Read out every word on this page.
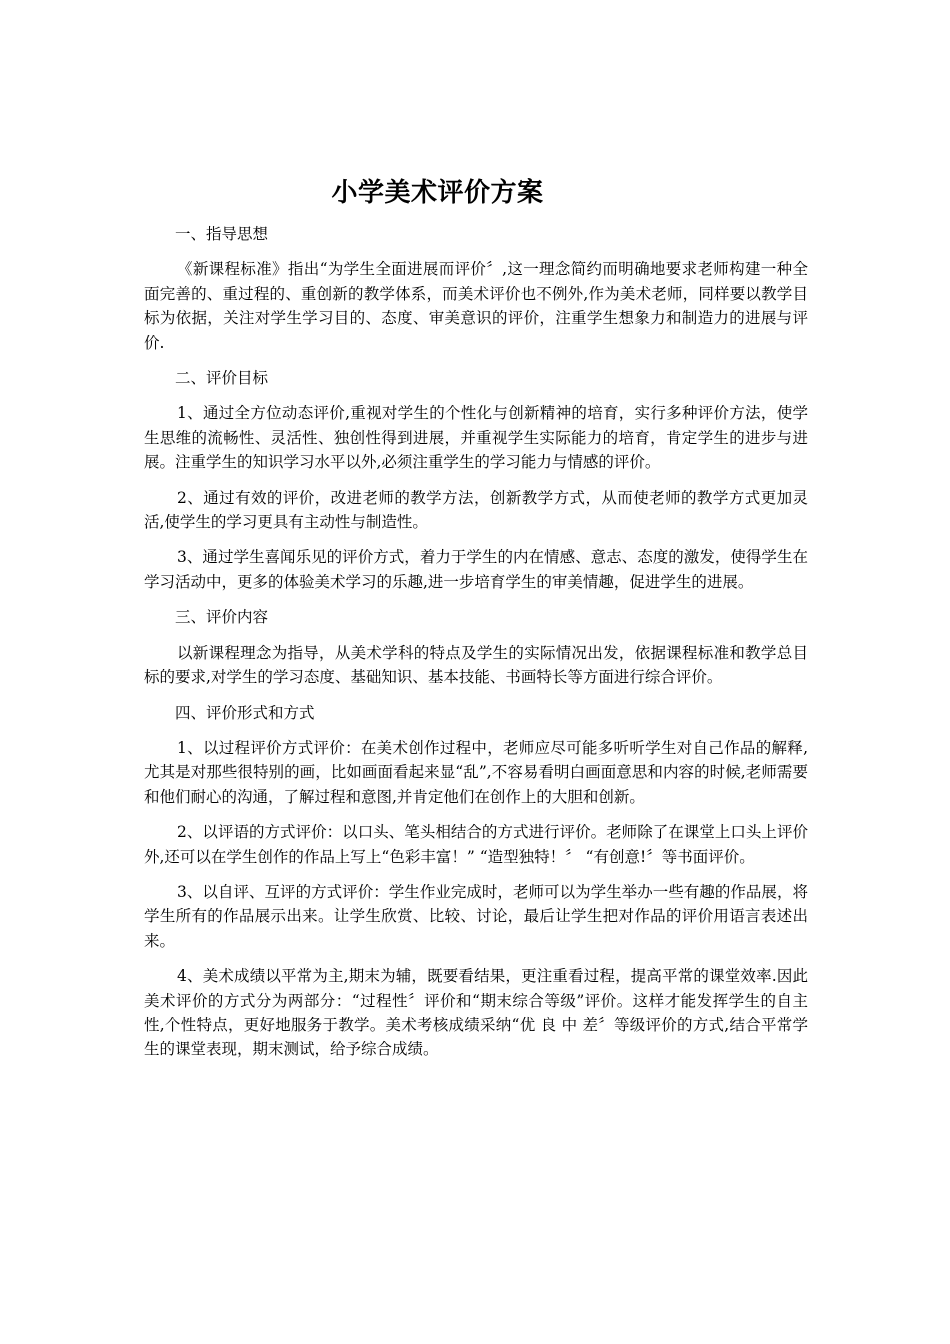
小学美术评价方案

一、指导思想

《新课程标准》指出“为学生全面进展而评价〞,这一理念简约而明确地要求老师构建一种全面完善的、重过程的、重创新的教学体系，而美术评价也不例外,作为美术老师，同样要以教学目标为依据，关注对学生学习目的、态度、审美意识的评价，注重学生想象力和制造力的进展与评价.

二、评价目标

1、通过全方位动态评价,重视对学生的个性化与创新精神的培育，实行多种评价方法，使学生思维的流畅性、灵活性、独创性得到进展，并重视学生实际能力的培育，肯定学生的进步与进展。注重学生的知识学习水平以外,必须注重学生的学习能力与情感的评价。

2、通过有效的评价，改进老师的教学方法，创新教学方式，从而使老师的教学方式更加灵活,使学生的学习更具有主动性与制造性。

3、通过学生喜闻乐见的评价方式，着力于学生的内在情感、意志、态度的激发，使得学生在学习活动中，更多的体验美术学习的乐趣,进一步培育学生的审美情趣，促进学生的进展。

三、评价内容

以新课程理念为指导，从美术学科的特点及学生的实际情况出发，依据课程标准和教学总目标的要求,对学生的学习态度、基础知识、基本技能、书画特长等方面进行综合评价。

四、评价形式和方式

1、以过程评价方式评价：在美术创作过程中，老师应尽可能多听听学生对自己作品的解释,尤其是对那些很特别的画，比如画面看起来显“乱”,不容易看明白画面意思和内容的时候,老师需要和他们耐心的沟通，了解过程和意图,并肯定他们在创作上的大胆和创新。

2、以评语的方式评价：以口头、笔头相结合的方式进行评价。老师除了在课堂上口头上评价外,还可以在学生创作的作品上写上“色彩丰富！” “造型独特！〞 “有创意!〞等书面评价。

3、以自评、互评的方式评价：学生作业完成时，老师可以为学生举办一些有趣的作品展，将学生所有的作品展示出来。让学生欣赏、比较、讨论，最后让学生把对作品的评价用语言表述出来。

4、美术成绩以平常为主,期末为辅，既要看结果，更注重看过程，提高平常的课堂效率.因此美术评价的方式分为两部分：“过程性〞评价和“期末综合等级”评价。这样才能发挥学生的自主性,个性特点，更好地服务于教学。美术考核成绩采纳“优 良 中 差〞等级评价的方式,结合平常学生的课堂表现，期末测试，给予综合成绩。
